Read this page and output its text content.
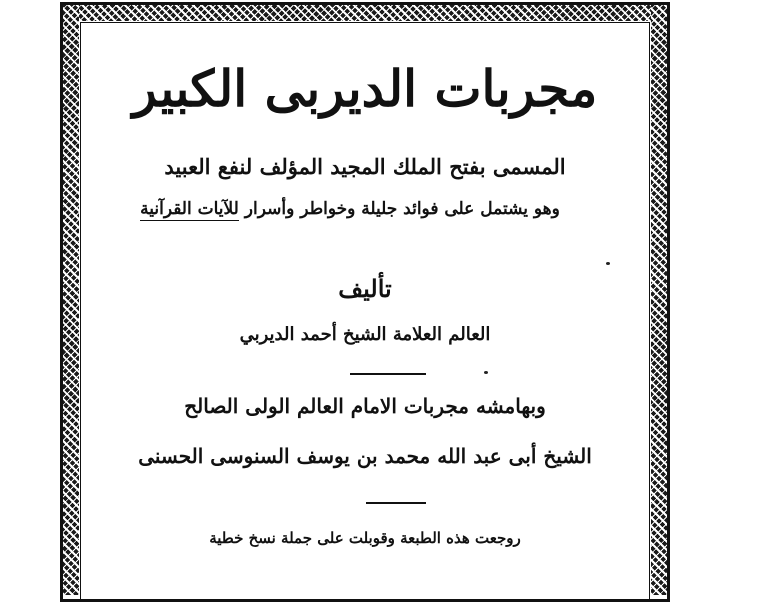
مجربات الديربى الكبير
المسمى بفتح الملك المجيد المؤلف لنفع العبيد
وهو يشتمل على فوائد جليلة وخواطر وأسرار للآيات القرآنية
تأليف
العالم العلامة الشيخ أحمد الديربي
وبهامشه مجربات الامام العالم الولى الصالح
الشيخ أبى عبد الله محمد بن يوسف السنوسى الحسنى
روجعت هذه الطبعة وقوبلت على جملة نسخ خطية
